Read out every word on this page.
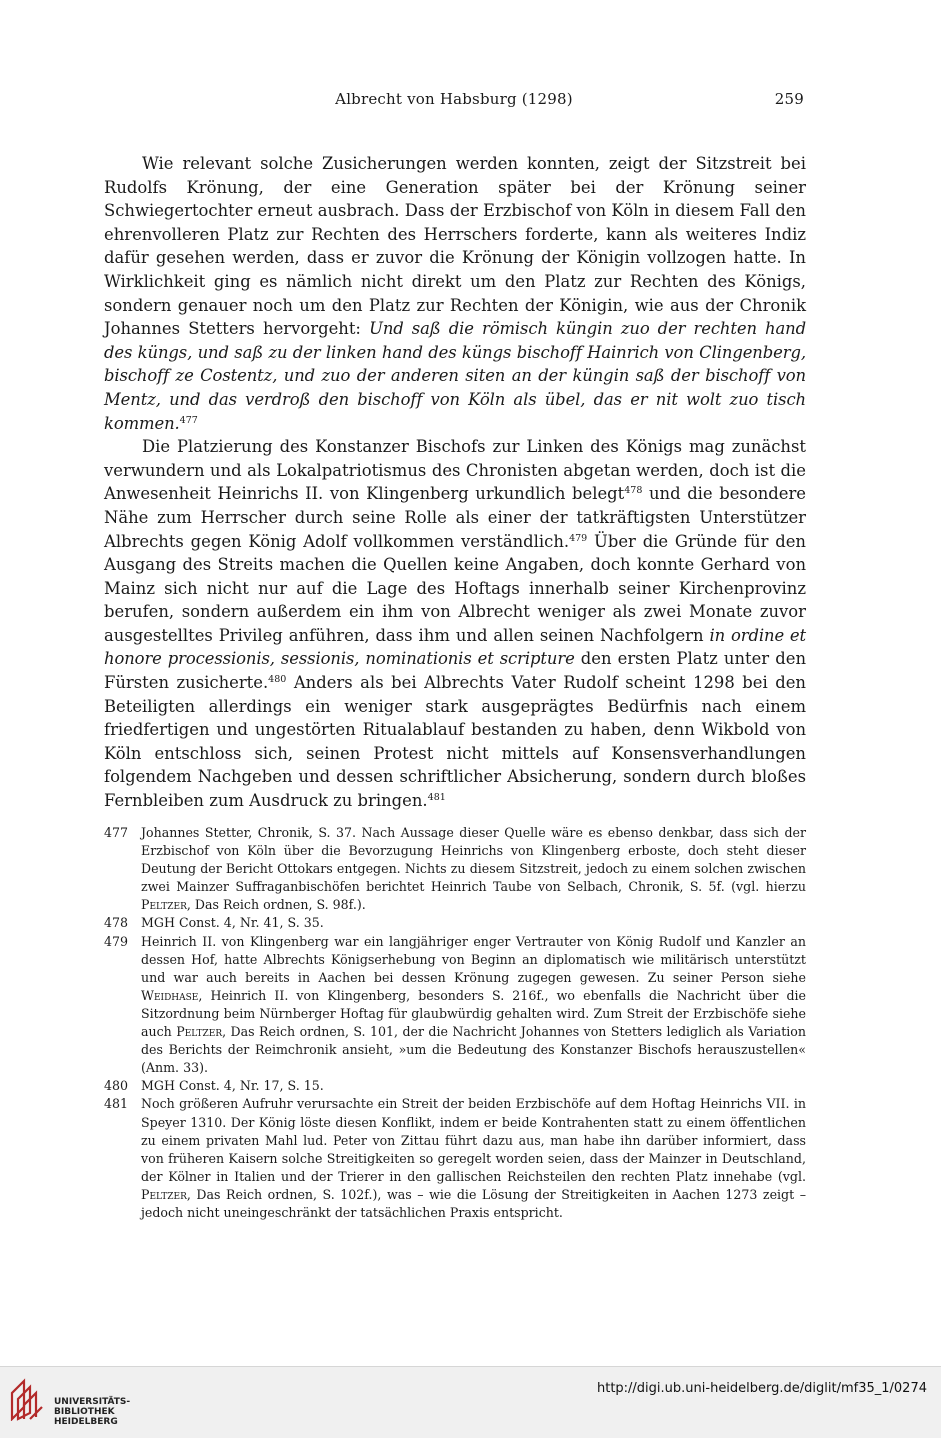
Albrecht von Habsburg (1298)	259

Wie relevant solche Zusicherungen werden konnten, zeigt der Sitzstreit bei Rudolfs Krönung, der eine Generation später bei der Krönung seiner Schwiegertochter erneut ausbrach. Dass der Erzbischof von Köln in diesem Fall den ehrenvolleren Platz zur Rechten des Herrschers forderte, kann als weiteres Indiz dafür gesehen werden, dass er zuvor die Krönung der Königin vollzogen hatte. In Wirklichkeit ging es nämlich nicht direkt um den Platz zur Rechten des Königs, sondern genauer noch um den Platz zur Rechten der Königin, wie aus der Chronik Johannes Stetters hervorgeht: Und saß die römisch küngin zuo der rechten hand des küngs, und saß zu der linken hand des küngs bischoff Hainrich von Clingenberg, bischoff ze Costentz, und zuo der anderen siten an der küngin saß der bischoff von Mentz, und das verdroß den bischoff von Köln als übel, das er nit wolt zuo tisch kommen.$^{477}$

Die Platzierung des Konstanzer Bischofs zur Linken des Königs mag zunächst verwundern und als Lokalpatriotismus des Chronisten abgetan werden, doch ist die Anwesenheit Heinrichs II. von Klingenberg urkundlich belegt$^{478}$ und die besondere Nähe zum Herrscher durch seine Rolle als einer der tatkräftigsten Unterstützer Albrechts gegen König Adolf vollkommen verständlich.$^{479}$ Über die Gründe für den Ausgang des Streits machen die Quellen keine Angaben, doch konnte Gerhard von Mainz sich nicht nur auf die Lage des Hoftags innerhalb seiner Kirchenprovinz berufen, sondern außerdem ein ihm von Albrecht weniger als zwei Monate zuvor ausgestelltes Privileg anführen, dass ihm und allen seinen Nachfolgern in ordine et honore processionis, sessionis, nominationis et scripture den ersten Platz unter den Fürsten zusicherte.$^{480}$ Anders als bei Albrechts Vater Rudolf scheint 1298 bei den Beteiligten allerdings ein weniger stark ausgeprägtes Bedürfnis nach einem friedfertigen und ungestörten Ritualablauf bestanden zu haben, denn Wikbold von Köln entschloss sich, seinen Protest nicht mittels auf Konsensverhandlungen folgendem Nachgeben und dessen schriftlicher Absicherung, sondern durch bloßes Fernbleiben zum Ausdruck zu bringen.$^{481}$

477 Johannes Stetter, Chronik, S. 37. Nach Aussage dieser Quelle wäre es ebenso denkbar, dass sich der Erzbischof von Köln über die Bevorzugung Heinrichs von Klingenberg erboste, doch steht dieser Deutung der Bericht Ottokars entgegen. Nichts zu diesem Sitzstreit, jedoch zu einem solchen zwischen zwei Mainzer Suffraganbischöfen berichtet Heinrich Taube von Selbach, Chronik, S. 5f. (vgl. hierzu Peltzer, Das Reich ordnen, S. 98f.).
478 MGH Const. 4, Nr. 41, S. 35.
479 Heinrich II. von Klingenberg war ein langjähriger enger Vertrauter von König Rudolf und Kanzler an dessen Hof, hatte Albrechts Königserhebung von Beginn an diplomatisch wie militärisch unterstützt und war auch bereits in Aachen bei dessen Krönung zugegen gewesen. Zu seiner Person siehe Weidhase, Heinrich II. von Klingenberg, besonders S. 216f., wo ebenfalls die Nachricht über die Sitzordnung beim Nürnberger Hoftag für glaubwürdig gehalten wird. Zum Streit der Erzbischöfe siehe auch Peltzer, Das Reich ordnen, S. 101, der die Nachricht Johannes von Stetters lediglich als Variation des Berichts der Reimchronik ansieht, »um die Bedeutung des Konstanzer Bischofs herauszustellen« (Anm. 33).
480 MGH Const. 4, Nr. 17, S. 15.
481 Noch größeren Aufruhr verursachte ein Streit der beiden Erzbischöfe auf dem Hoftag Heinrichs VII. in Speyer 1310. Der König löste diesen Konflikt, indem er beide Kontrahenten statt zu einem öffentlichen zu einem privaten Mahl lud. Peter von Zittau führt dazu aus, man habe ihn darüber informiert, dass von früheren Kaisern solche Streitigkeiten so geregelt worden seien, dass der Mainzer in Deutschland, der Kölner in Italien und der Trierer in den gallischen Reichsteilen den rechten Platz innehabe (vgl. Peltzer, Das Reich ordnen, S. 102f.), was – wie die Lösung der Streitigkeiten in Aachen 1273 zeigt – jedoch nicht uneingeschränkt der tatsächlichen Praxis entspricht.
UNIVERSITÄTS-
BIBLIOTHEK
HEIDELBERG
http://digi.ub.uni-heidelberg.de/diglit/mf35_1/0274
